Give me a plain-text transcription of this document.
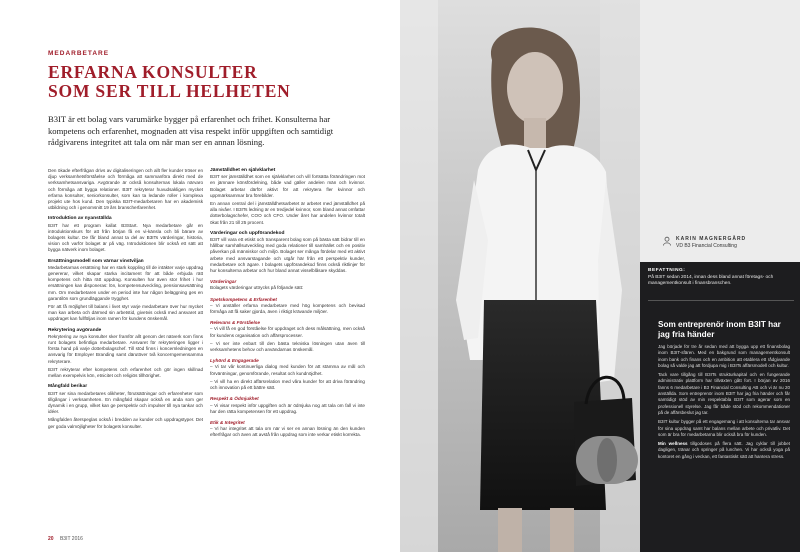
MEDARBETARE
ERFARNA KONSULTER
SOM SER TILL HELHETEN
B3IT är ett bolag vars varumärke bygger på erfarenhet och frihet. Konsulterna har kompetens och erfarenhet, mognaden att visa respekt inför uppgiften och samtidigt rådgivarens integritet att tala om när man ser en annan lösning.

Den ökade efterfrågan drivs av digitaliseringen och allt fler kunder tröser en djup verksamhetsförståelse och förmåga att sammanföra direkt med de verksamhetsansvariga. Avgörande är också konsulternas lokala närvaro och förmåga att bygga relationer. B3IT rekryterar huvudsakligen mycket erfarna konsulter, seniorkonsulter, som kan ta ledande roller i komplexa projekt ute hos kund. Den typiska B3IT-medarbetaren har en akademisk utbildning och i genomsnitt 19 års branscherfarenhet.

Introduktion av nyanställda

B3IT har ett program kallat B3Start. Nya medarbetare går en introduktionskurs för att från början få en vi-känsla och bli bärare av bolagets kultur. De får bland annat ta del av B3ITs värderingar, historia, vision och varför bolaget är på väg. Introduktionen blir också ett sätt att bygga nätverk inom bolaget.

Ersättningsmodell som värnar vinstviljan

Medarbetarnas ersättning har en stark koppling till de intäkter varje uppdrag genererar, vilket skapar starka incitament för att både erbjuda rätt kompetens och hitta rätt uppdrag. Konsulten har även stor frihet i hur ersättningen kan disponeras: lön, kompetensutveckling, pensionsavsättning mm. Om medarbetaren under en period inte har någon beläggning ges en garantilön som grundläggande trygghet.

För att få möjlighet till balans i livet styr varje medarbetare över hur mycket man kan arbeta och därmed sin arbetstid, givetvis också med ansvaret att uppdraget kan fullföljas inom ramen för kundens önskemål.

Rekrytering avgörande

Rekrytering av nya konsulter sker framför allt genom det nätverk som finns runt bolagets befintliga medarbetare. Ansvaret för rekryteringen ligger i första hand på varje dotterbolagschef. Till stöd finns i koncernledningen en ansvarig för Employer Branding samt därutöver två koncerngemensamma rekryterare.

B3IT rekryterar efter kompetens och erfarenhet och gör ingen skillnad mellan exempelvis kön, etnicitet och religiös tillhörighet.

Mångfald berikar

B3IT ser sina medarbetares olikheter, förutsättningar och erfarenheter som tillgångar i verksamheten. En mångfald skapar också en anda som ger dynamik i en grupp, vilket kan ge perspektiv och impulser till nya tankar och idéer.

Mångfalden återspeglas också i bredden av kunder och uppdragstyper. Det ger goda valmöjligheter för bolagets konsulter.

Jämställdhet en självklarhet

B3IT ser jämställdhet som en självklarhet och vill fortsätta förändringen mot en jämnare könsfördelning, både vad gäller andelen män och kvinnor. Bolaget arbetar därför aktivt för att rekrytera fler kvinnor och uppmärksammar bra förebilder.

En annan central del i jämställdhetsarbetet är arbetet med jämställdhet på alla nivåer. I B3ITs ledning är en tredjedel kvinnor, som bland annat omfattar dotterbolagschefer, COO och CFO. Under året har andelen kvinnor totalt ökat från 21 till 25 procent.

Värderingar och uppförandekod

B3IT vill vara ett etiskt och transparent bolag som på bästa sätt bidrar till en hållbar samhällsutveckling med goda relationer till samhället och en positiv påverkan på människor och miljö. Bolaget ser många fördelar med ett aktivt arbete med ansvarstagande och utgår här från ett perspektiv kunder, medarbetare och ägare. I bolagets uppförandekod finns också riktlinjer för hur konsulterna arbetar och hur bland annat visselblåsare skyddas.

Värderingar

Bolagets värderingar uttrycks på följande sätt:

Spetskompetens & Erfarenhet

– Vi anställer erfarna medarbetare med hög kompetens och bevisad förmåga att få saker gjorda, även i riktigt krävande miljöer.

Relevans & Förståelse

– Vi vill få en god förståelse för uppdraget och dess målsättning, men också för kundens organisation och affärsprocesser.

– Vi ser inte enbart till den bästa tekniska lösningen utan även till verksamhetens behov och användarnas önskemål.

Lyhörd & Engagerade

– Vi tar vår kontinuerliga dialog med kunden för att stämma av mål och förväntningar, genomförande, resultat och kundnöjdhet.

– Vi vill ha en direkt affärsrelation med våra kunder för att driva förändring och innovation på ett bättre sätt.

Respekt & Ödmjukhet

– Vi visar respekt inför uppgiften och är ödmjuka nog att tala om fall vi inte har den rätta kompetensen för ett uppdrag.

Etik & Integritet

– Vi har integritet att tala om när vi ser en annan lösning än den kunden efterfrågar och även att avstå från uppdrag som inte verkar etiskt korrekta.

20 B3IT 2016
KARIN MAGNERGÅRD
VD B3 Financial Consulting
BEFATTNING:
På B3IT sedan 2014, innan dess bland annat företags- och managementkonsult i finansbranschen.
Som entreprenör inom B3IT har jag fria händer

Jag började för tre år sedan med att bygga upp ett finansbolag inom B3IT-sfären. Med en bakgrund som managementkonsult inom bank och finans och en ambition att etablera ett rådgivande bolag så valde jag att fördjupa mig i B3ITs affärsmodell och kultur.

Tack vare tillgång till B3ITs strukturkapital och en fungerande administrativ plattform har tillväxten gått fort. I början av 2016 fanns 6 medarbetare i B3 Financial Consulting AB och vi är nu 20 anställda. Som entreprenör inom B3IT har jag fria händer och får samtidigt stöd av min respektabla B3IT som agerar som en professionell styrelse. Jag får både stöd och rekommendationer på de affärsbeslut jag tar.

B3IT kultur bygger på ett engagemang i att konsulterna tar ansvar för sina uppdrag samt har balans mellan arbete och privatliv. Det som är bra för medarbetarna blir också bra för kunden.

Min wellness tillgodoses på flera sätt. Jag cyklar till jobbet dagligen, tränar och springer på lunchen. Vi har också yoga på kontoret en gång i veckan, ett fantastiskt sätt att hantera stress.
